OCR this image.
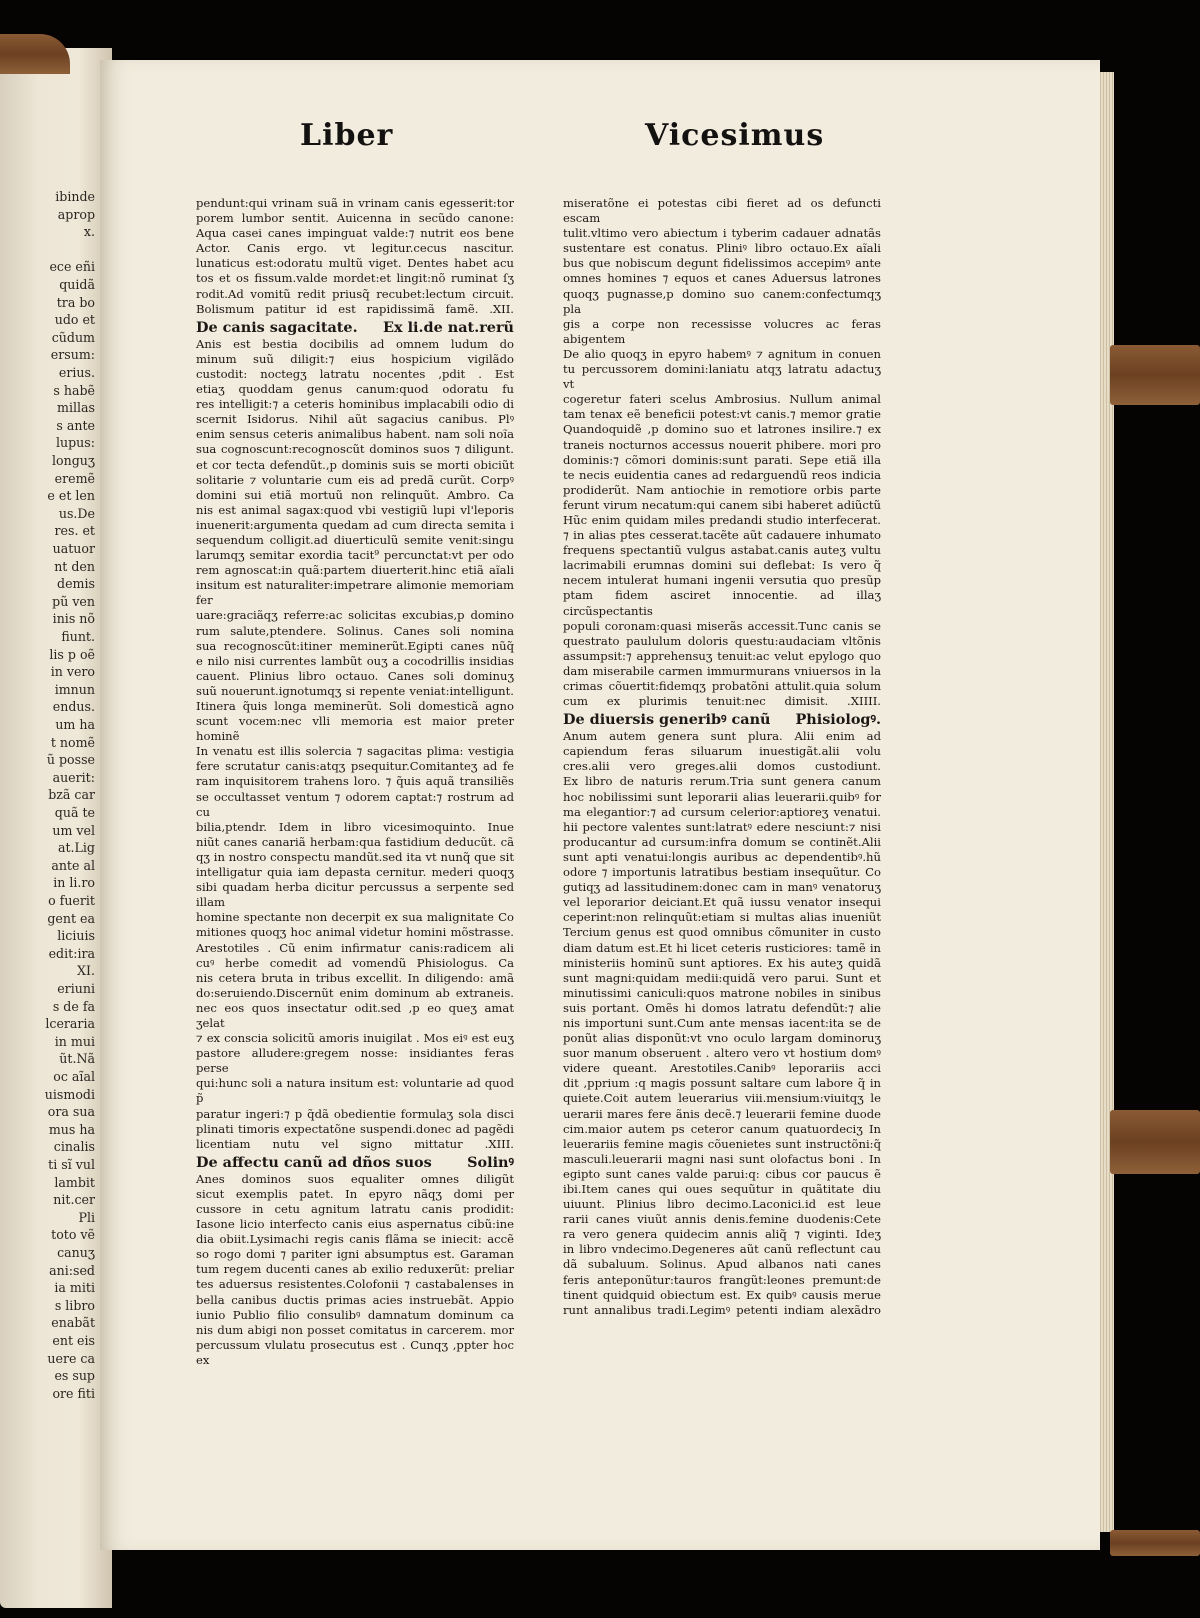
ibinde
aprop
x.
ece eñi
quidã
tra bo
udo et
cũdum
ersum:
erius.
s habẽ
millas
s ante
lupus:
longuʒ
eremẽ
e et len
us.De
res. et
uatuor
nt den
demis
pũ ven
inis nõ
fiunt.
lis p oẽ
in vero
imnun
endus.
um ha
t nomẽ
ũ posse
auerit:
bzã car
quã te
um vel
at.Lig
ante al
in li.ro
o fuerit
gent ea
liciuis
edit:ira
XI.
eriuni
s de fa
lceraria
in mui
ũt.Nã
oc aĩal
uismodi
ora sua
mus ha
cinalis
ti sĩ vul
lambit
nit.cer
Pli
toto vẽ
canuʒ
ani:sed
ia miti
s libro
enabãt
ent eis
uere ca
es sup
ore fiti
Liber	Vicesimus

pendunt:qui vrinam suã in vrinam canis egesserit:tor

porem lumbor sentit. Auicenna in secũdo canone:

Aqua casei canes impinguat valde:⁊ nutrit eos bene

Actor. Canis ergo. vt legitur.cecus nascitur.

lunaticus est:odoratu multũ viget. Dentes habet acu

tos et os fissum.valde mordet:et lingit:nõ ruminat ſʒ

rodit.Ad vomitũ redit priusq̃ recubet:lectum circuit.

Bolismum patitur id est rapidissimã famẽ. .XII.

De canis sagacitate. Ex li.de nat.rerũ

Anis est bestia docibilis ad omnem ludum do

minum suũ diligit:⁊ eius hospicium vigilãdo

custodit: noctegʒ latratu nocentes ,pdit . Est

etiaʒ quoddam genus canum:quod odoratu fu

res intelligit:⁊ a ceteris hominibus implacabili odio di

scernit Isidorus. Nihil aũt sagacius canibus. Plꝰ

enim sensus ceteris animalibus habent. nam soli noĩa

sua cognoscunt:recognoscũt dominos suos ⁊ diligunt.

et cor tecta defendũt.,p dominis suis se morti obiciũt

solitarie ⁊ voluntarie cum eis ad predã curũt. Corpꝰ

domini sui etiã mortuũ non relinquũt. Ambro. Ca

nis est animal sagax:quod vbi vestigiũ lupi vl'leporis

inuenerit:argumenta quedam ad cum directa semita i

sequendum colligit.ad diuerticulũ semite venit:singu

larumqʒ semitar exordia tacit⁹ percunctat:vt per odo

rem agnoscat:in quã:partem diuerterit.hinc etiã aĩali

insitum est naturaliter:impetrare alimonie memoriam fer

uare:graciãqʒ referre:ac solicitas excubias,p domino

rum salute,ptendere. Solinus. Canes soli nomina

sua recognoscũt:itiner meminerũt.Egipti canes nũq̃

e nilo nisi currentes lambũt ouʒ a cocodrillis insidias

cauent. Plinius libro octauo. Canes soli dominuʒ

suũ nouerunt.ignotumqʒ si repente veniat:intelligunt.

Itinera q̃uis longa meminerũt. Soli domesticã agno

scunt vocem:nec vlli memoria est maior preter hominẽ

In venatu est illis solercia ⁊ sagacitas plima: vestigia

fere scrutatur canis:atqʒ psequitur.Comitanteʒ ad fe

ram inquisitorem trahens loro. ⁊ q̃uis aquã transiliẽs

se occultasset ventum ⁊ odorem captat:⁊ rostrum ad cu

bilia,ptendr. Idem in libro vicesimoquinto. Inue

niũt canes canariã herbam:qua fastidium deducũt. cã

qʒ in nostro conspectu mandũt.sed ita vt nunq̃ que sit

intelligatur quia iam depasta cernitur. mederi quoqʒ

sibi quadam herba dicitur percussus a serpente sed illam

homine spectante non decerpit ex sua malignitate Co

mitiones quoqʒ hoc animal videtur homini mõstrasse.

Arestotiles . Cũ enim infirmatur canis:radicem ali

cuꝰ herbe comedit ad vomendũ Phisiologus. Ca

nis cetera bruta in tribus excellit. In diligendo: amã

do:seruiendo.Discernũt enim dominum ab extraneis.

nec eos quos insectatur odit.sed ,p eo queʒ amat ʒelat

⁊ ex conscia solicitũ amoris inuigilat . Mos eiꝰ est euʒ

pastore alludere:gregem nosse: insidiantes feras perse

qui:hunc soli a natura insitum est: voluntarie ad quod p̃

paratur ingeri:⁊ p q̃dã obedientie formulaʒ sola disci

plinati timoris expectatõne suspendi.donec ad pagẽdi

licentiam nutu vel signo mittatur .XIII.

De affectu canũ ad dños suos Solinꝰ

Anes dominos suos equaliter omnes diligũt

sicut exemplis patet. In epyro nãqʒ domi per

cussore in cetu agnitum latratu canis prodidit:

Iasone licio interfecto canis eius aspernatus cibũ:ine

dia obiit.Lysimachi regis canis flãma se iniecit: accẽ

so rogo domi ⁊ pariter igni absumptus est. Garaman

tum regem ducenti canes ab exilio reduxerũt: preliar

tes aduersus resistentes.Colofonii ⁊ castabalenses in

bella canibus ductis primas acies instruebãt. Appio

iunio Publio filio consulibꝰ damnatum dominum ca

nis dum abigi non posset comitatus in carcerem. mor

percussum vlulatu prosecutus est . Cunqʒ ,ppter hoc ex

miseratõne ei potestas cibi fieret ad os defuncti escam

tulit.vltimo vero abiectum i tyberim cadauer adnatãs

sustentare est conatus. Pliniꝰ libro octauo.Ex aĩali

bus que nobiscum degunt fidelissimos accepimꝰ ante

omnes homines ⁊ equos et canes Aduersus latrones

quoqʒ pugnasse,p domino suo canem:confectumqʒ pla

gis a corpe non recessisse volucres ac feras abigentem

De alio quoqʒ in epyro habemꝰ ⁊ agnitum in conuen

tu percussorem domini:laniatu atqʒ latratu adactuʒ vt

cogeretur fateri scelus Ambrosius. Nullum animal

tam tenax eẽ beneficii potest:vt canis.⁊ memor gratie

Quandoquidẽ ,p domino suo et latrones insilire.⁊ ex

traneis nocturnos accessus nouerit phibere. mori pro

dominis:⁊ cõmori dominis:sunt parati. Sepe etiã illa

te necis euidentia canes ad redarguendũ reos indicia

prodiderũt. Nam antiochie in remotiore orbis parte

ferunt virum necatum:qui canem sibi haberet adiũctũ

Hũc enim quidam miles predandi studio interfecerat.

⁊ in alias ptes cesserat.tacẽte aũt cadauere inhumato

frequens spectantiũ vulgus astabat.canis auteʒ vultu

lacrimabili erumnas domini sui deflebat: Is vero q̃

necem intulerat humani ingenii versutia quo presũp

ptam fidem asciret innocentie. ad illaʒ circũspectantis

populi coronam:quasi miserãs accessit.Tunc canis se

questrato paululum doloris questu:audaciam vltõnis

assumpsit:⁊ apprehensuʒ tenuit:ac velut epylogo quo

dam miserabile carmen immurmurans vniuersos in la

crimas cõuertit:fidemqʒ probatõni attulit.quia solum

cum ex plurimis tenuit:nec dimisit. .XIIII.

De diuersis generibꝰ canũ Phisiologꝰ.

Anum autem genera sunt plura. Alii enim ad

capiendum feras siluarum inuestigãt.alii volu

cres.alii vero greges.alii domos custodiunt.

Ex libro de naturis rerum.Tria sunt genera canum

hoc nobilissimi sunt leporarii alias leuerarii.quibꝰ for

ma elegantior:⁊ ad cursum celerior:aptioreʒ venatui.

hii pectore valentes sunt:latratꝰ edere nesciunt:⁊ nisi

producantur ad cursum:infra domum se continẽt.Alii

sunt apti venatui:longis auribus ac dependentibꝰ.hũ

odore ⁊ importunis latratibus bestiam insequũtur. Co

gutiqʒ ad lassitudinem:donec cam in manꝰ venatoruʒ

vel leporarior deiciant.Et quã iussu venator insequi

ceperint:non relinquũt:etiam si multas alias inueniũt

Tercium genus est quod omnibus cõmuniter in custo

diam datum est.Et hi licet ceteris rusticiores: tamẽ in

ministeriis hominũ sunt aptiores. Ex his auteʒ quidã

sunt magni:quidam medii:quidã vero parui. Sunt et

minutissimi caniculi:quos matrone nobiles in sinibus

suis portant. Omẽs hi domos latratu defendũt:⁊ alie

nis importuni sunt.Cum ante mensas iacent:ita se de

ponũt alias disponũt:vt vno oculo largam dominoruʒ

suor manum obseruent . altero vero vt hostium domꝰ

videre queant. Arestotiles.Canibꝰ leporariis acci

dit ,pprium :q magis possunt saltare cum labore q̃ in

quiete.Coit autem leuerarius viii.mensium:viuitqʒ le

uerarii mares fere ãnis decẽ.⁊ leuerarii femine duode

cim.maior autem ps ceteror canum quatuordeciʒ In

leuerariis femine magis cõuenietes sunt instructõni:q̃

masculi.leuerarii magni nasi sunt olofactus boni . In

egipto sunt canes valde parui:q: cibus cor paucus ẽ

ibi.Item canes qui oues sequũtur in quãtitate diu

uiuunt. Plinius libro decimo.Laconici.id est leue

rarii canes viuũt annis denis.femine duodenis:Cete

ra vero genera quidecim annis aliq̃ ⁊ viginti. Ideʒ

in libro vndecimo.Degeneres aũt canũ reflectunt cau

dã subaluum. Solinus. Apud albanos nati canes

feris anteponũtur:tauros frangũt:leones premunt:de

tinent quidquid obiectum est. Ex quibꝰ causis merue

runt annalibus tradi.Legimꝰ petenti indiam alexãdro
